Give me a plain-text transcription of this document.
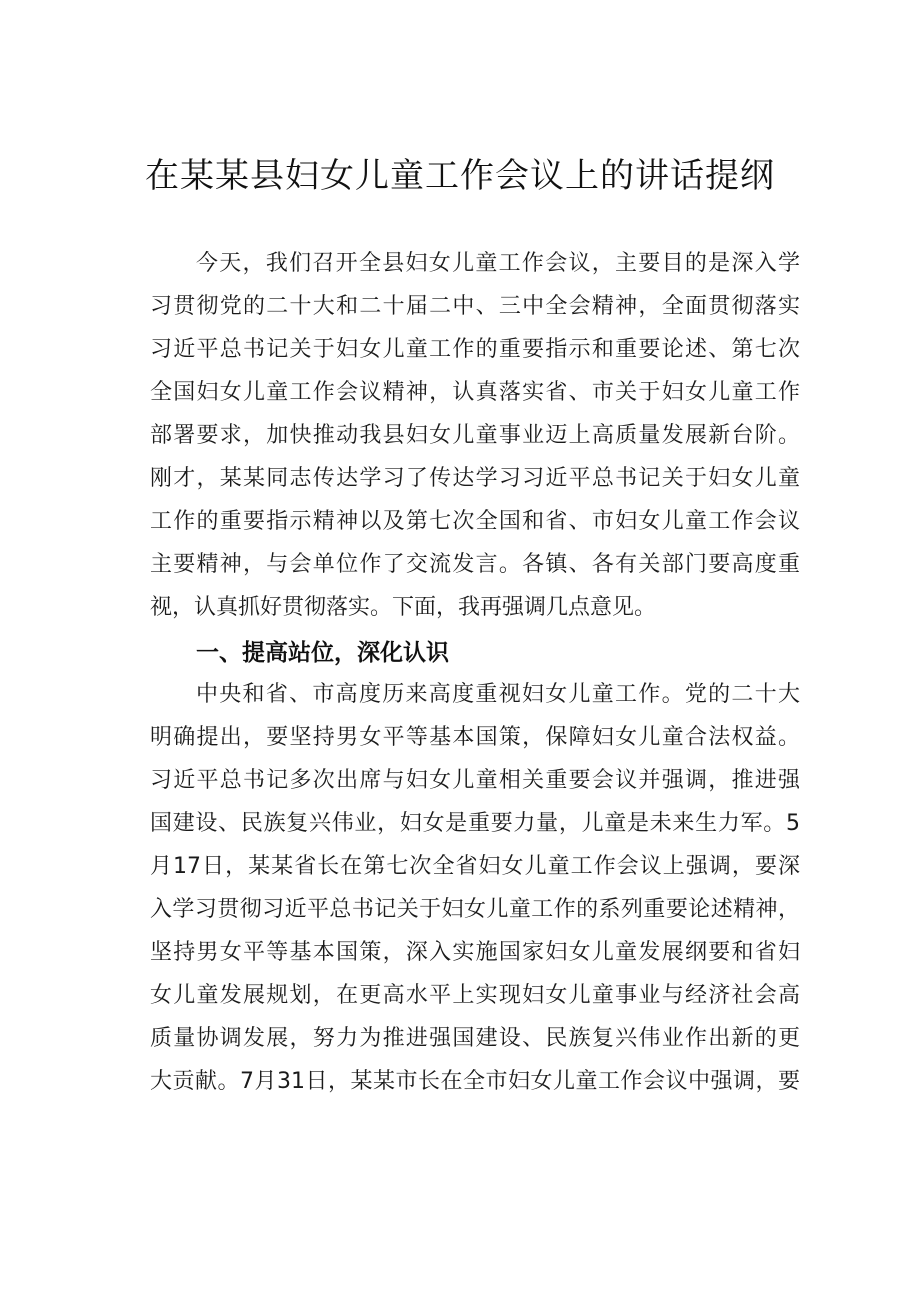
在某某县妇女儿童工作会议上的讲话提纲
今天，我们召开全县妇女儿童工作会议，主要目的是深入学
习贯彻党的二十大和二十届二中、三中全会精神，全面贯彻落实
习近平总书记关于妇女儿童工作的重要指示和重要论述、第七次
全国妇女儿童工作会议精神，认真落实省、市关于妇女儿童工作
部署要求，加快推动我县妇女儿童事业迈上高质量发展新台阶。
刚才，某某同志传达学习了传达学习习近平总书记关于妇女儿童
工作的重要指示精神以及第七次全国和省、市妇女儿童工作会议
主要精神，与会单位作了交流发言。各镇、各有关部门要高度重
视，认真抓好贯彻落实。下面，我再强调几点意见。
一、提高站位，深化认识
中央和省、市高度历来高度重视妇女儿童工作。党的二十大
明确提出，要坚持男女平等基本国策，保障妇女儿童合法权益。
习近平总书记多次出席与妇女儿童相关重要会议并强调，推进强
国建设、民族复兴伟业，妇女是重要力量，儿童是未来生力军。5
月17日，某某省长在第七次全省妇女儿童工作会议上强调，要深
入学习贯彻习近平总书记关于妇女儿童工作的系列重要论述精神，
坚持男女平等基本国策，深入实施国家妇女儿童发展纲要和省妇
女儿童发展规划，在更高水平上实现妇女儿童事业与经济社会高
质量协调发展，努力为推进强国建设、民族复兴伟业作出新的更
大贡献。7月31日，某某市长在全市妇女儿童工作会议中强调，要
